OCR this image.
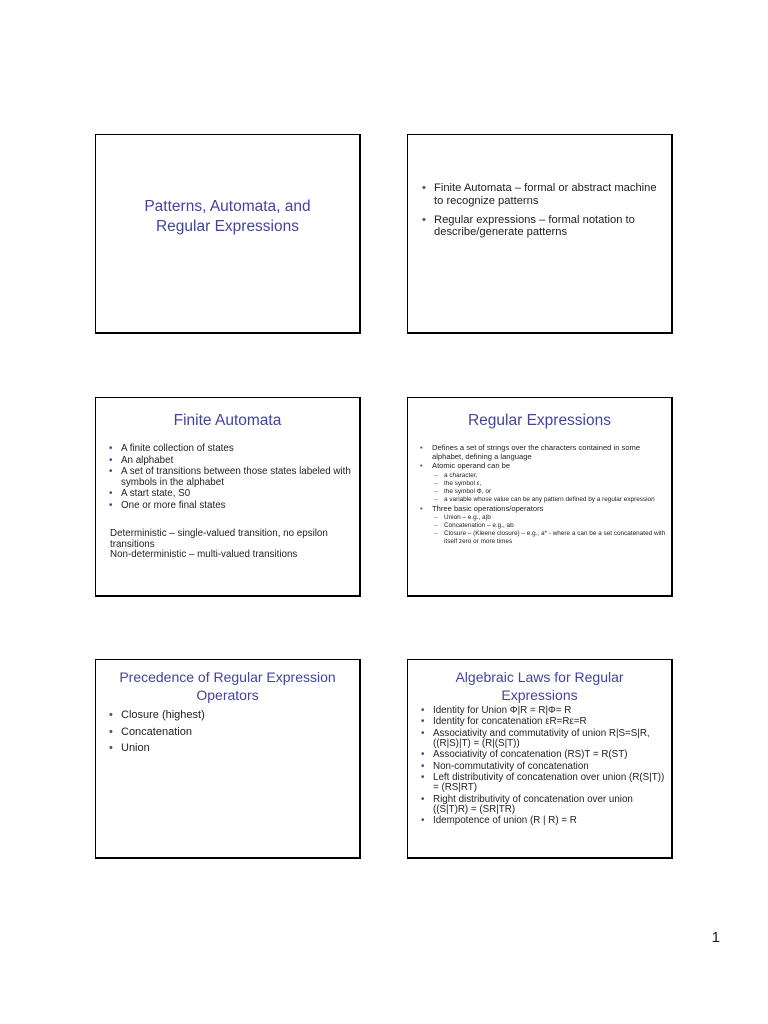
Patterns, Automata, and
Regular Expressions
• Finite Automata – formal or abstract machine to recognize patterns
• Regular expressions – formal notation to describe/generate patterns
Finite Automata
• A finite collection of states
• An alphabet
• A set of transitions between those states labeled with symbols in the alphabet
• A start state, S0
• One or more final states
Deterministic – single-valued transition, no epsilon transitions
Non-deterministic – multi-valued transitions
Regular Expressions
• Defines a set of strings over the characters contained in some alphabet, defining a language
• Atomic operand can be
– a character,
– the symbol ε,
– the symbol Φ, or
– a variable whose value can be any pattern defined by a regular expression
• Three basic operations/operators
– Union – e.g., a|b
– Concatenation – e.g., ab
– Closure – (Kleene closure) – e.g., a* - where a can be a set concatenated with itself zero or more times
Precedence of Regular Expression
Operators
• Closure (highest)
• Concatenation
• Union
Algebraic Laws for Regular
Expressions
• Identity for Union Φ|R = R|Φ= R
• Identity for concatenation εR=Rε=R
• Associativity and commutativity of union R|S=S|R, ((R|S)|T) = (R|(S|T))
• Associativity of concatenation (RS)T = R(ST)
• Non-commutativity of concatenation
• Left distributivity of concatenation over union (R(S|T)) = (RS|RT)
• Right distributivity of concatenation over union ((S|T)R) = (SR|TR)
• Idempotence of union (R | R) = R
1
